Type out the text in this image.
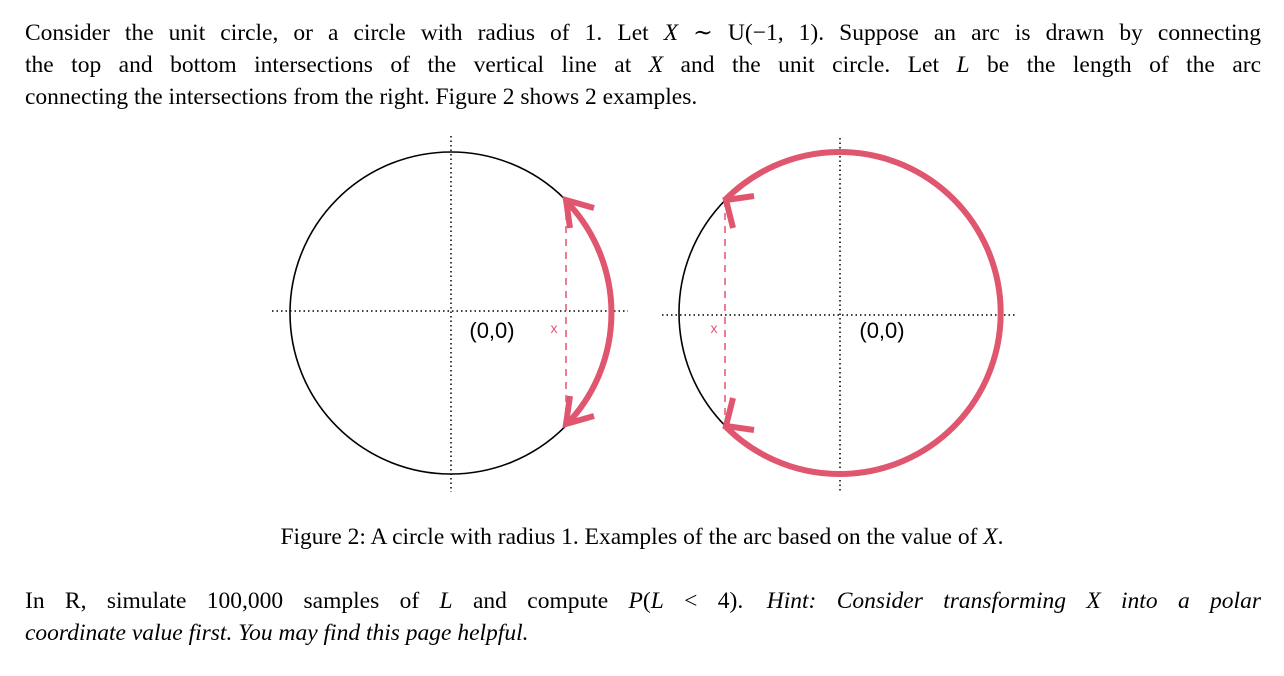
Consider the unit circle, or a circle with radius of 1. Let X ∼ U(−1, 1). Suppose an arc is drawn by connecting
the top and bottom intersections of the vertical line at X and the unit circle. Let L be the length of the arc
connecting the intersections from the right. Figure 2 shows 2 examples.
(0,0)	x	(0,0)
x
Figure 2: A circle with radius 1. Examples of the arc based on the value of X.
In R, simulate 100,000 samples of L and compute P(L < 4).  Hint: Consider transforming X into a polar
coordinate value first. You may find this page helpful.
